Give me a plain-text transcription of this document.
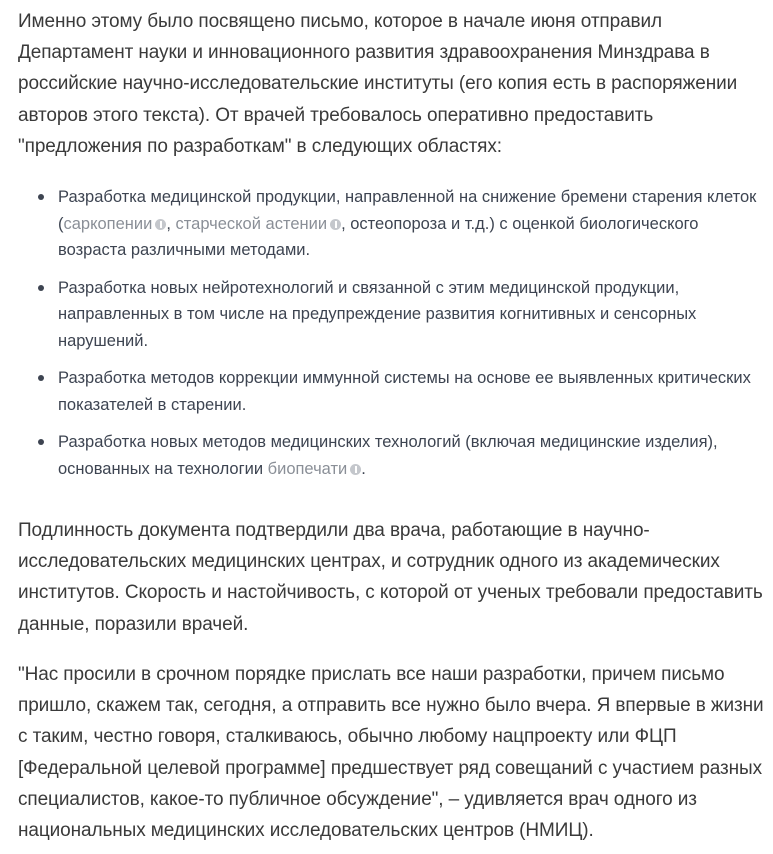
Именно этому было посвящено письмо, которое в начале июня отправил Департамент науки и инновационного развития здравоохранения Минздрава в российские научно-исследовательские институты (его копия есть в распоряжении авторов этого текста). От врачей требовалось оперативно предоставить "предложения по разработкам" в следующих областях:

Разработка медицинской продукции, направленной на снижение бремени старения клеток (саркопении , старческой астении , остеопороза и т.д.) с оценкой биологического возраста различными методами.
Разработка новых нейротехнологий и связанной с этим медицинской продукции, направленных в том числе на предупреждение развития когнитивных и сенсорных нарушений.
Разработка методов коррекции иммунной системы на основе ее выявленных критических показателей в старении.
Разработка новых методов медицинских технологий (включая медицинские изделия), основанных на технологии биопечати .

Подлинность документа подтвердили два врача, работающие в научно-исследовательских медицинских центрах, и сотрудник одного из академических институтов. Скорость и настойчивость, с которой от ученых требовали предоставить данные, поразили врачей.

"Нас просили в срочном порядке прислать все наши разработки, причем письмо пришло, скажем так, сегодня, а отправить все нужно было вчера. Я впервые в жизни с таким, честно говоря, сталкиваюсь, обычно любому нацпроекту или ФЦП [Федеральной целевой программе] предшествует ряд совещаний с участием разных специалистов, какое-то публичное обсуждение", – удивляется врач одного из национальных медицинских исследовательских центров (НМИЦ).
